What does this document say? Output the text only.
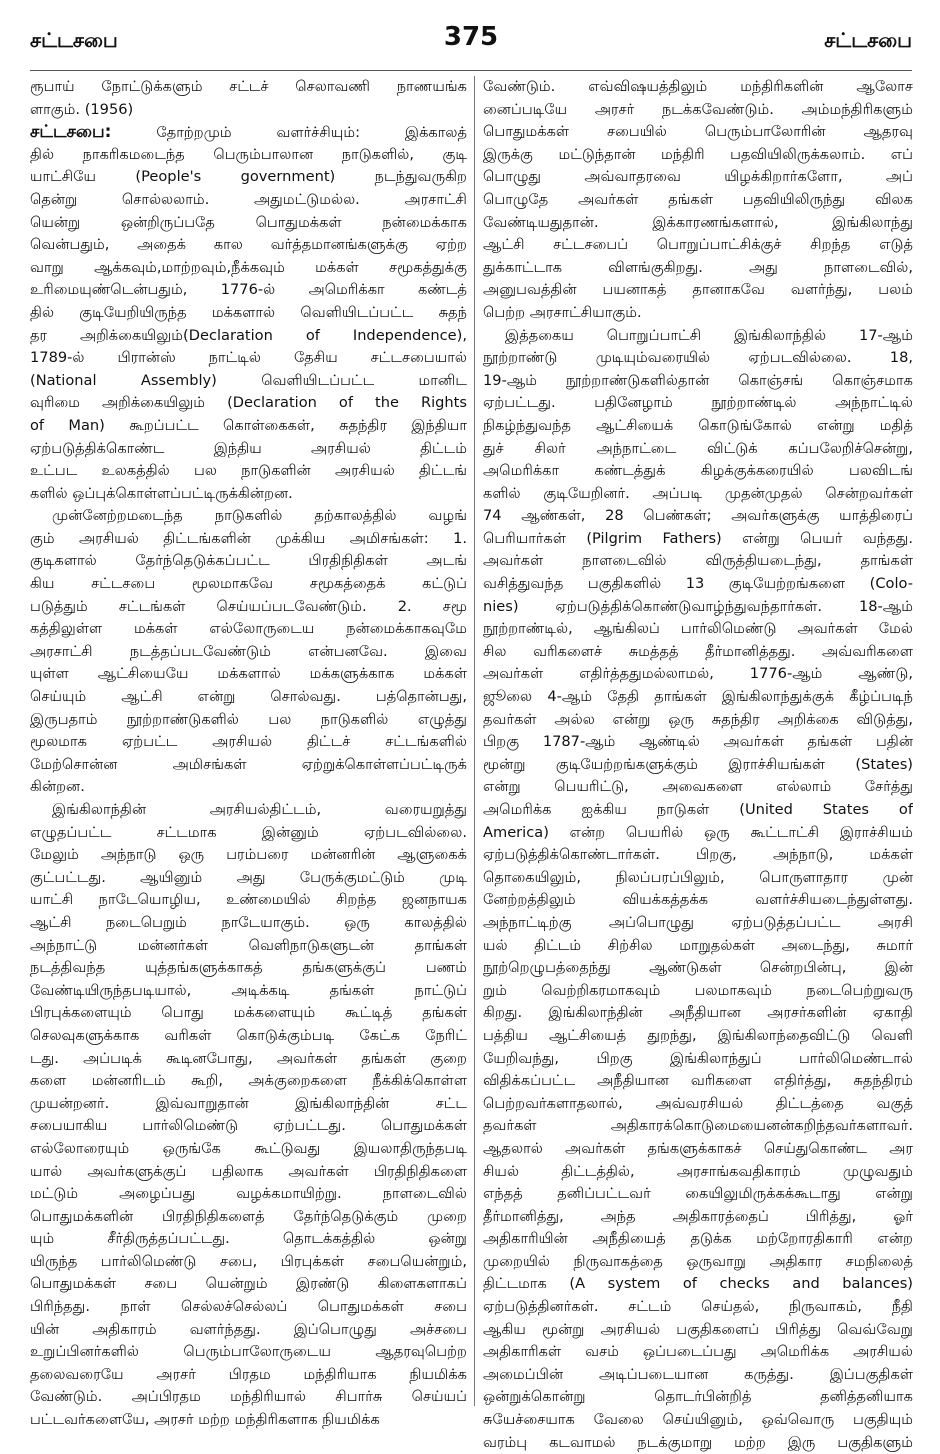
சட்டசபை	375	சட்டசபை
ரூபாய் நோட்டுக்களும் சட்டச் செலாவணி நாணயங்க
ளாகும். (1956)
சட்டசபை: தோற்றமும் வளர்ச்சியும்: இக்காலத்
தில் நாகரிகமடைந்த பெரும்பாலான நாடுகளில், குடி
யாட்சியே (People's government) நடந்துவருகிற
தென்று சொல்லலாம். அதுமட்டுமல்ல. அரசாட்சி
யென்று ஒன்றிருப்பதே பொதுமக்கள் நன்மைக்காக
வென்பதும், அதைக் கால வர்த்தமானங்களுக்கு ஏற்ற
வாறு ஆக்கவும்,மாற்றவும்,நீக்கவும் மக்கள் சமூகத்துக்கு
உரிமையுண்டென்பதும், 1776-ல் அமெரிக்கா கண்டத்
தில் குடியேறியிருந்த மக்களால் வெளியிடப்பட்ட சுதந்
தர அறிக்கையிலும்(Declaration of Independence),
1789-ல் பிரான்ஸ் நாட்டில் தேசிய சட்டசபையால்
(National Assembly) வெளியிடப்பட்ட மானிட
வுரிமை அறிக்கையிலும் (Declaration of the Rights
of Man) கூறப்பட்ட கொள்கைகள், சுதந்திர இந்தியா
ஏற்படுத்திக்கொண்ட இந்திய அரசியல் திட்டம்
உட்பட உலகத்தில் பல நாடுகளின் அரசியல் திட்டங்
களில் ஒப்புக்கொள்ளப்பட்டிருக்கின்றன.
முன்னேற்றமடைந்த நாடுகளில் தற்காலத்தில் வழங்
கும் அரசியல் திட்டங்களின் முக்கிய அமிசங்கள்: 1.
குடிகளால் தேர்ந்தெடுக்கப்பட்ட பிரதிநிதிகள் அடங்
கிய சட்டசபை மூலமாகவே சமூகத்தைக் கட்டுப்
படுத்தும் சட்டங்கள் செய்யப்படவேண்டும். 2. சமூ
கத்திலுள்ள மக்கள் எல்லோருடைய நன்மைக்காகவுமே
அரசாட்சி நடத்தப்படவேண்டும் என்பனவே. இவை
யுள்ள ஆட்சியையே மக்களால் மக்களுக்காக மக்கள்
செய்யும் ஆட்சி என்று சொல்வது. பத்தொன்பது,
இருபதாம் நூற்றாண்டுகளில் பல நாடுகளில் எழுத்து
மூலமாக ஏற்பட்ட அரசியல் திட்டச் சட்டங்களில்
மேற்சொன்ன அமிசங்கள் ஏற்றுக்கொள்ளப்பட்டிருக்
கின்றன.
இங்கிலாந்தின் அரசியல்திட்டம், வரையறுத்து
எழுதப்பட்ட சட்டமாக இன்னும் ஏற்படவில்லை.
மேலும் அந்நாடு ஒரு பரம்பரை மன்னரின் ஆளுகைக்
குட்பட்டது. ஆயினும் அது பேருக்குமட்டும் முடி
யாட்சி நாடேயொழிய, உண்மையில் சிறந்த ஜனநாயக
ஆட்சி நடைபெறும் நாடேயாகும். ஒரு காலத்தில்
அந்நாட்டு மன்னர்கள் வெளிநாடுகளுடன் தாங்கள்
நடத்திவந்த யுத்தங்களுக்காகத் தங்களுக்குப் பணம்
வேண்டியிருந்தபடியால், அடிக்கடி தங்கள் நாட்டுப்
பிரபுக்களையும் பொது மக்களையும் கூட்டித் தங்கள்
செலவுகளுக்காக வரிகள் கொடுக்கும்படி கேட்க நேரிட்
டது. அப்படிக் கூடினபோது, அவர்கள் தங்கள் குறை
களை மன்னரிடம் கூறி, அக்குறைகளை நீக்கிக்கொள்ள
முயன்றனர். இவ்வாறுதான் இங்கிலாந்தின் சட்ட
சபையாகிய பார்லிமெண்டு ஏற்பட்டது. பொதுமக்கள்
எல்லோரையும் ஒருங்கே கூட்டுவது இயலாதிருந்தபடி
யால் அவர்களுக்குப் பதிலாக அவர்கள் பிரதிநிதிகளை
மட்டும் அழைப்பது வழக்கமாயிற்று. நாளடைவில்
பொதுமக்களின் பிரதிநிதிகளைத் தேர்ந்தெடுக்கும் முறை
யும் சீர்திருத்தப்பட்டது. தொடக்கத்தில் ஒன்று
யிருந்த பார்லிமெண்டு சபை, பிரபுக்கள் சபையென்றும்,
பொதுமக்கள் சபை யென்றும் இரண்டு கிளைகளாகப்
பிரிந்தது. நாள் செல்லச்செல்லப் பொதுமக்கள் சபை
யின் அதிகாரம் வளர்ந்தது. இப்பொழுது அச்சபை
உறுப்பினர்களில் பெரும்பாலோருடைய ஆதரவுபெற்ற
தலைவரையே அரசர் பிரதம மந்திரியாக நியமிக்க
வேண்டும். அப்பிரதம மந்திரியால் சிபார்சு செய்யப்
பட்டவர்களையே, அரசர் மற்ற மந்திரிகளாக நியமிக்க
வேண்டும். எவ்விஷயத்திலும் மந்திரிகளின் ஆலோச
னைப்படியே அரசர் நடக்கவேண்டும். அம்மந்திரிகளும்
பொதுமக்கள் சபையில் பெரும்பாலோரின் ஆதரவு
இருக்கு மட்டுந்தான் மந்திரி பதவியிலிருக்கலாம். எப்
பொழுது அவ்வாதரவை யிழக்கிறார்களோ, அப்
பொழுதே அவர்கள் தங்கள் பதவியிலிருந்து விலக
வேண்டியதுதான். இக்காரணங்களால், இங்கிலாந்து
ஆட்சி சட்டசபைப் பொறுப்பாட்சிக்குச் சிறந்த எடுத்
துக்காட்டாக விளங்குகிறது. அது நாளடைவில்,
அனுபவத்தின் பயனாகத் தானாகவே வளர்ந்து, பலம்
பெற்ற அரசாட்சியாகும்.
இத்தகைய பொறுப்பாட்சி இங்கிலாந்தில் 17-ஆம்
நூற்றாண்டு முடியும்வரையில் ஏற்படவில்லை. 18,
19-ஆம் நூற்றாண்டுகளில்தான் கொஞ்சங் கொஞ்சமாக
ஏற்பட்டது. பதினேழாம் நூற்றாண்டில் அந்நாட்டில்
நிகழ்ந்துவந்த ஆட்சியைக் கொடுங்கோல் என்று மதித்
துச் சிலர் அந்நாட்டை விட்டுக் கப்பலேறிச்சென்று,
அமெரிக்கா கண்டத்துக் கிழக்குக்கரையில் பலவிடங்
களில் குடியேறினர். அப்படி முதன்முதல் சென்றவர்கள்
74 ஆண்கள், 28 பெண்கள்; அவர்களுக்கு யாத்திரைப்
பெரியார்கள் (Pilgrim Fathers) என்று பெயர் வந்தது.
அவர்கள் நாளடைவில் விருத்தியடைந்து, தாங்கள்
வசித்துவந்த பகுதிகளில் 13 குடியேற்றங்களை (Colo-
nies) ஏற்படுத்திக்கொண்டுவாழ்ந்துவந்தார்கள். 18-ஆம்
நூற்றாண்டில், ஆங்கிலப் பார்லிமெண்டு அவர்கள் மேல்
சில வரிகளைச் சுமத்தத் தீர்மானித்தது. அவ்வரிகளை
அவர்கள் எதிர்த்ததுமல்லாமல், 1776-ஆம் ஆண்டு,
ஜூலை 4-ஆம் தேதி தாங்கள் இங்கிலாந்துக்குக் கீழ்ப்படிந்
தவர்கள் அல்ல என்று ஒரு சுதந்திர அறிக்கை விடுத்து,
பிறகு 1787-ஆம் ஆண்டில் அவர்கள் தங்கள் பதின்
மூன்று குடியேற்றங்களுக்கும் இராச்சியங்கள் (States)
என்று பெயரிட்டு, அவைகளை எல்லாம் சேர்த்து
அமெரிக்க ஐக்கிய நாடுகள் (United States of
America) என்ற பெயரில் ஒரு கூட்டாட்சி இராச்சியம்
ஏற்படுத்திக்கொண்டார்கள். பிறகு, அந்நாடு, மக்கள்
தொகையிலும், நிலப்பரப்பிலும், பொருளாதார முன்
னேற்றத்திலும் வியக்கத்தக்க வளர்ச்சியடைந்துள்ளது.
அந்நாட்டிற்கு அப்பொழுது ஏற்படுத்தப்பட்ட அரசி
யல் திட்டம் சிற்சில மாறுதல்கள் அடைந்து, சுமார்
நூற்றெழுபத்தைந்து ஆண்டுகள் சென்றபின்பு, இன்
றும் வெற்றிகரமாகவும் பலமாகவும் நடைபெற்றுவரு
கிறது. இங்கிலாந்தின் அநீதியான அரசர்களின் ஏகாதி
பத்திய ஆட்சியைத் துறந்து, இங்கிலாந்தைவிட்டு வெளி
யேறிவந்து, பிறகு இங்கிலாந்துப் பார்லிமெண்டால்
விதிக்கப்பட்ட அநீதியான வரிகளை எதிர்த்து, சுதந்திரம்
பெற்றவர்களாதலால், அவ்வரசியல் திட்டத்தை வகுத்
தவர்கள் அதிகாரக்கொடுமையைனன்கறிந்தவர்களாவர்.
ஆதலால் அவர்கள் தங்களுக்காகச் செய்துகொண்ட அர
சியல் திட்டத்தில், அரசாங்கவதிகாரம் முழுவதும்
எந்தத் தனிப்பட்டவர் கையிலுமிருக்கக்கூடாது என்று
தீர்மானித்து, அந்த அதிகாரத்தைப் பிரித்து, ஓர்
அதிகாரியின் அநீதியைத் தடுக்க மற்றோரதிகாரி என்ற
முறையில் நிருவாகத்தை ஒருவாறு அதிகார சமநிலைத்
திட்டமாக (A system of checks and balances)
ஏற்படுத்தினர்கள். சட்டம் செய்தல், நிருவாகம், நீதி
ஆகிய மூன்று அரசியல் பகுதிகளைப் பிரித்து வெவ்வேறு
அதிகாரிகள் வசம் ஒப்படைப்பது அமெரிக்க அரசியல்
அமைப்பின் அடிப்படையான கருத்து. இப்பகுதிகள்
ஒன்றுக்கொன்று தொடர்பின்றித் தனித்தனியாக
சுயேச்சையாக வேலை செய்யினும், ஒவ்வொரு பகுதியும்
வரம்பு கடவாமல் நடக்குமாறு மற்ற இரு பகுதிகளும்
